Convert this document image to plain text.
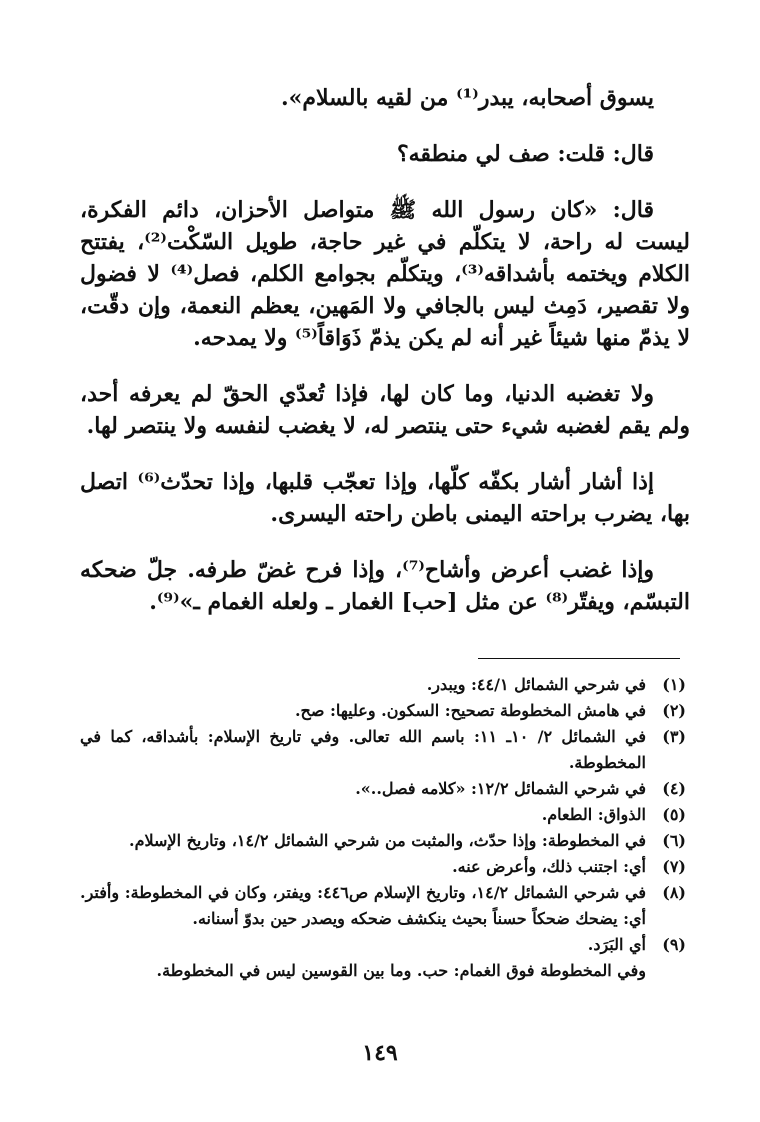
يسوق أصحابه، يبدر⁽¹⁾ من لقيه بالسلام».

قال: قلت: صف لي منطقه؟

قال: «كان رسول الله ﷺ متواصل الأحزان، دائم الفكرة، ليست له راحة، لا يتكلّم في غير حاجة، طويل السّكْت⁽²⁾، يفتتح الكلام ويختمه بأشداقه⁽³⁾، ويتكلّم بجوامع الكلم، فصل⁽⁴⁾ لا فضول ولا تقصير، دَمِث ليس بالجافي ولا المَهين، يعظم النعمة، وإن دقّت، لا يذمّ منها شيئاً غير أنه لم يكن يذمّ ذَوَاقاً⁽⁵⁾ ولا يمدحه.

ولا تغضبه الدنيا، وما كان لها، فإذا تُعدّي الحقّ لم يعرفه أحد، ولم يقم لغضبه شيء حتى ينتصر له، لا يغضب لنفسه ولا ينتصر لها.

إذا أشار أشار بكفّه كلّها، وإذا تعجّب قلبها، وإذا تحدّث⁽⁶⁾ اتصل بها، يضرب براحته اليمنى باطن راحته اليسرى.

وإذا غضب أعرض وأشاح⁽⁷⁾، وإذا فرح غضّ طرفه. جلّ ضحكه التبسّم، ويفتّر⁽⁸⁾ عن مثل [حب] الغمار ـ ولعله الغمام ـ»⁽⁹⁾.

(١)
في شرحي الشمائل ٤٤/١: ويبدر.
(٢)
في هامش المخطوطة تصحيح: السكون. وعليها: صح.
(٣)
في الشمائل ٢/ ١٠ـ ١١: باسم الله تعالى. وفي تاريخ الإسلام: بأشداقه، كما في المخطوطة.
(٤)
في شرحي الشمائل ١٢/٢: «كلامه فصل..».
(٥)
الذواق: الطعام.
(٦)
في المخطوطة: وإذا حدّث، والمثبت من شرحي الشمائل ١٤/٢، وتاريخ الإسلام.
(٧)
أي: اجتنب ذلك، وأعرض عنه.
(٨)
في شرحي الشمائل ١٤/٢، وتاريخ الإسلام ص٤٤٦: ويفتر، وكان في المخطوطة: وأفتر. أي: يضحك ضحكاً حسناً بحيث ينكشف ضحكه ويصدر حين بدوّ أسنانه.
(٩)
أي البَرَد.
وفي المخطوطة فوق الغمام: حب. وما بين القوسين ليس في المخطوطة.
١٤٩
